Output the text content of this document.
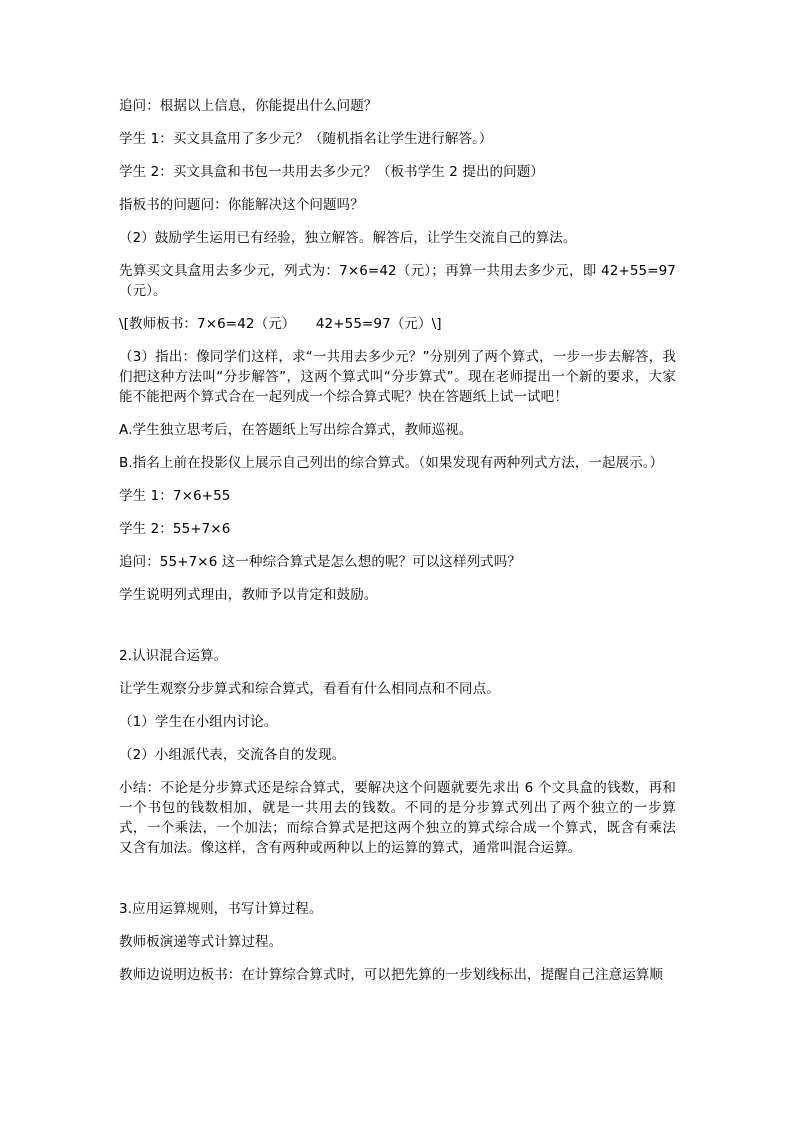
追问：根据以上信息，你能提出什么问题？

学生 1：买文具盒用了多少元？（随机指名让学生进行解答。）

学生 2：买文具盒和书包一共用去多少元？（板书学生 2 提出的问题）

指板书的问题问：你能解决这个问题吗？

（2）鼓励学生运用已有经验，独立解答。解答后，让学生交流自己的算法。

先算买文具盒用去多少元，列式为：7×6=42（元）；再算一共用去多少元，即 42+55=97（元）。

\[教师板书：7×6=42（元）　　42+55=97（元）\]

（3）指出：像同学们这样，求“一共用去多少元？”分别列了两个算式，一步一步去解答，我们把这种方法叫“分步解答”，这两个算式叫“分步算式”。现在老师提出一个新的要求，大家能不能把两个算式合在一起列成一个综合算式呢？快在答题纸上试一试吧！

A.学生独立思考后，在答题纸上写出综合算式，教师巡视。

B.指名上前在投影仪上展示自己列出的综合算式。（如果发现有两种列式方法，一起展示。）

学生 1：7×6+55

学生 2：55+7×6

追问：55+7×6 这一种综合算式是怎么想的呢？可以这样列式吗？

学生说明列式理由，教师予以肯定和鼓励。

2.认识混合运算。

让学生观察分步算式和综合算式，看看有什么相同点和不同点。

（1）学生在小组内讨论。

（2）小组派代表，交流各自的发现。

小结：不论是分步算式还是综合算式，要解决这个问题就要先求出 6 个文具盒的钱数，再和一个书包的钱数相加，就是一共用去的钱数。不同的是分步算式列出了两个独立的一步算式，一个乘法，一个加法；而综合算式是把这两个独立的算式综合成一个算式，既含有乘法又含有加法。像这样，含有两种或两种以上的运算的算式，通常叫混合运算。

3.应用运算规则，书写计算过程。

教师板演递等式计算过程。

教师边说明边板书：在计算综合算式时，可以把先算的一步划线标出，提醒自己注意运算顺
